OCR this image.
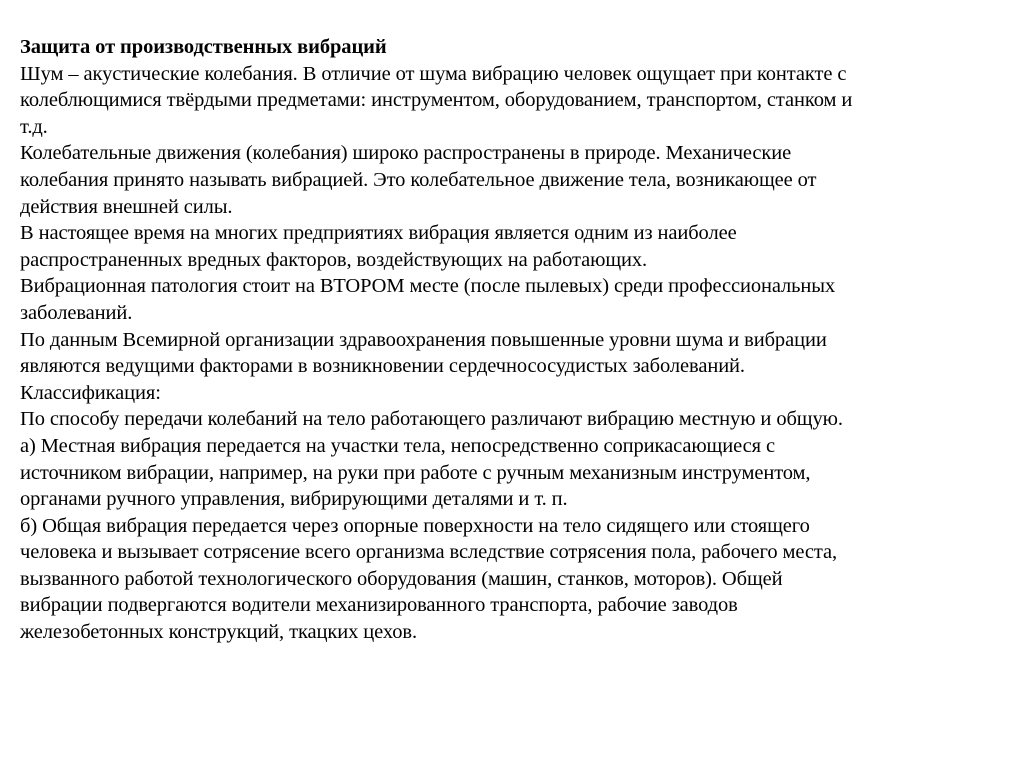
Защита от производственных вибраций

Шум – акустические колебания. В отличие от шума вибрацию человек ощущает при контакте с
колеблющимися твёрдыми предметами: инструментом, оборудованием, транспортом, станком и
т.д.

Колебательные движения (колебания) широко распространены в природе. Механические
колебания принято называть вибрацией. Это колебательное движение тела, возникающее от
действия внешней силы.

В настоящее время на многих предприятиях вибрация является одним из наиболее
распространенных вредных факторов, воздействующих на работающих.

Вибрационная патология стоит на ВТОРОМ месте (после пылевых) среди профессиональных
заболеваний.

По данным Всемирной организации здравоохранения повышенные уровни шума и вибрации
являются ведущими факторами в возникновении сердечнососудистых заболеваний.

Классификация:

По способу передачи колебаний на тело работающего различают вибрацию местную и общую.

а) Местная вибрация передается на участки тела, непосредственно соприкасающиеся с
источником вибрации, например, на руки при работе с ручным механизным инструментом,
органами ручного управления, вибрирующими деталями и т. п.

б) Общая вибрация передается через опорные поверхности на тело сидящего или стоящего
человека и вызывает сотрясение всего организма вследствие сотрясения пола, рабочего места,
вызванного работой технологического оборудования (машин, станков, моторов). Общей
вибрации подвергаются водители механизированного транспорта, рабочие заводов
железобетонных конструкций, ткацких цехов.
